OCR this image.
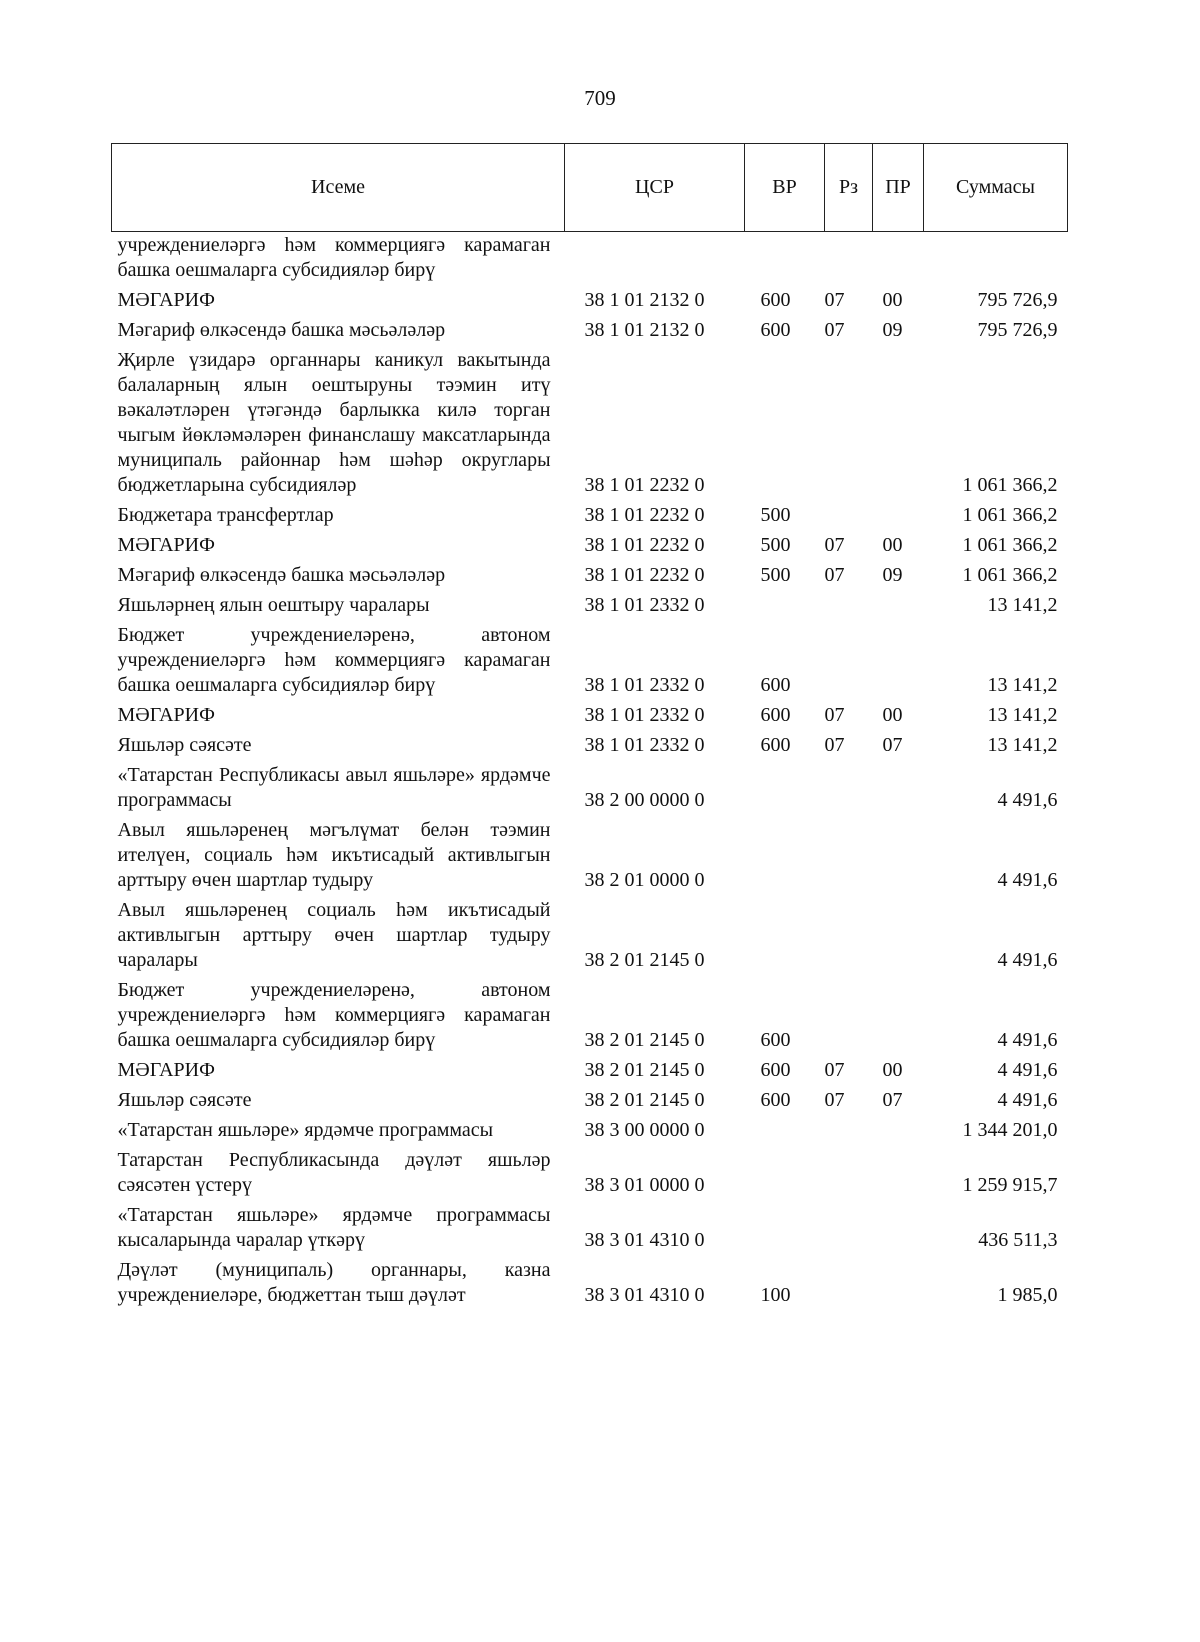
709
Исеме	ЦСР	ВР	Рз	ПР	Суммасы
учреждениеләргә һәм коммерциягә карамаган башка оешмаларга субсидияләр бирү					
МӘГАРИФ	38 1 01 2132 0	600	07	00	795 726,9
Мәгариф өлкәсендә башка мәсьәләләр	38 1 01 2132 0	600	07	09	795 726,9
Җирле үзидарә органнары каникул вакытында балаларның ялын оештыруны тәэмин итү вәкаләтләрен үтәгәндә барлыкка килә торган чыгым йөкләмәләрен финанслашу максатларында муниципаль районнар һәм шәһәр округлары бюджетларына субсидияләр	38 1 01 2232 0				1 061 366,2
Бюджетара трансфертлар	38 1 01 2232 0	500			1 061 366,2
МӘГАРИФ	38 1 01 2232 0	500	07	00	1 061 366,2
Мәгариф өлкәсендә башка мәсьәләләр	38 1 01 2232 0	500	07	09	1 061 366,2
Яшьләрнең ялын оештыру чаралары	38 1 01 2332 0				13 141,2
Бюджет учреждениеләренә, автоном учреждениеләргә һәм коммерциягә карамаган башка оешмаларга субсидияләр бирү	38 1 01 2332 0	600			13 141,2
МӘГАРИФ	38 1 01 2332 0	600	07	00	13 141,2
Яшьләр сәясәте	38 1 01 2332 0	600	07	07	13 141,2
«Татарстан Республикасы авыл яшьләре» ярдәмче программасы	38 2 00 0000 0				4 491,6
Авыл яшьләренең мәгълүмат белән тәэмин ителүен, социаль һәм икътисадый активлыгын арттыру өчен шартлар тудыру	38 2 01 0000 0				4 491,6
Авыл яшьләренең социаль һәм икътисадый активлыгын арттыру өчен шартлар тудыру чаралары	38 2 01 2145 0				4 491,6
Бюджет учреждениеләренә, автоном учреждениеләргә һәм коммерциягә карамаган башка оешмаларга субсидияләр бирү	38 2 01 2145 0	600			4 491,6
МӘГАРИФ	38 2 01 2145 0	600	07	00	4 491,6
Яшьләр сәясәте	38 2 01 2145 0	600	07	07	4 491,6
«Татарстан яшьләре» ярдәмче программасы	38 3 00 0000 0				1 344 201,0
Татарстан Республикасында дәүләт яшьләр сәясәтен үстерү	38 3 01 0000 0				1 259 915,7
«Татарстан яшьләре» ярдәмче программасы кысаларында чаралар үткәрү	38 3 01 4310 0				436 511,3
Дәүләт (муниципаль) органнары, казна учреждениеләре, бюджеттан тыш дәүләт	38 3 01 4310 0	100			1 985,0
